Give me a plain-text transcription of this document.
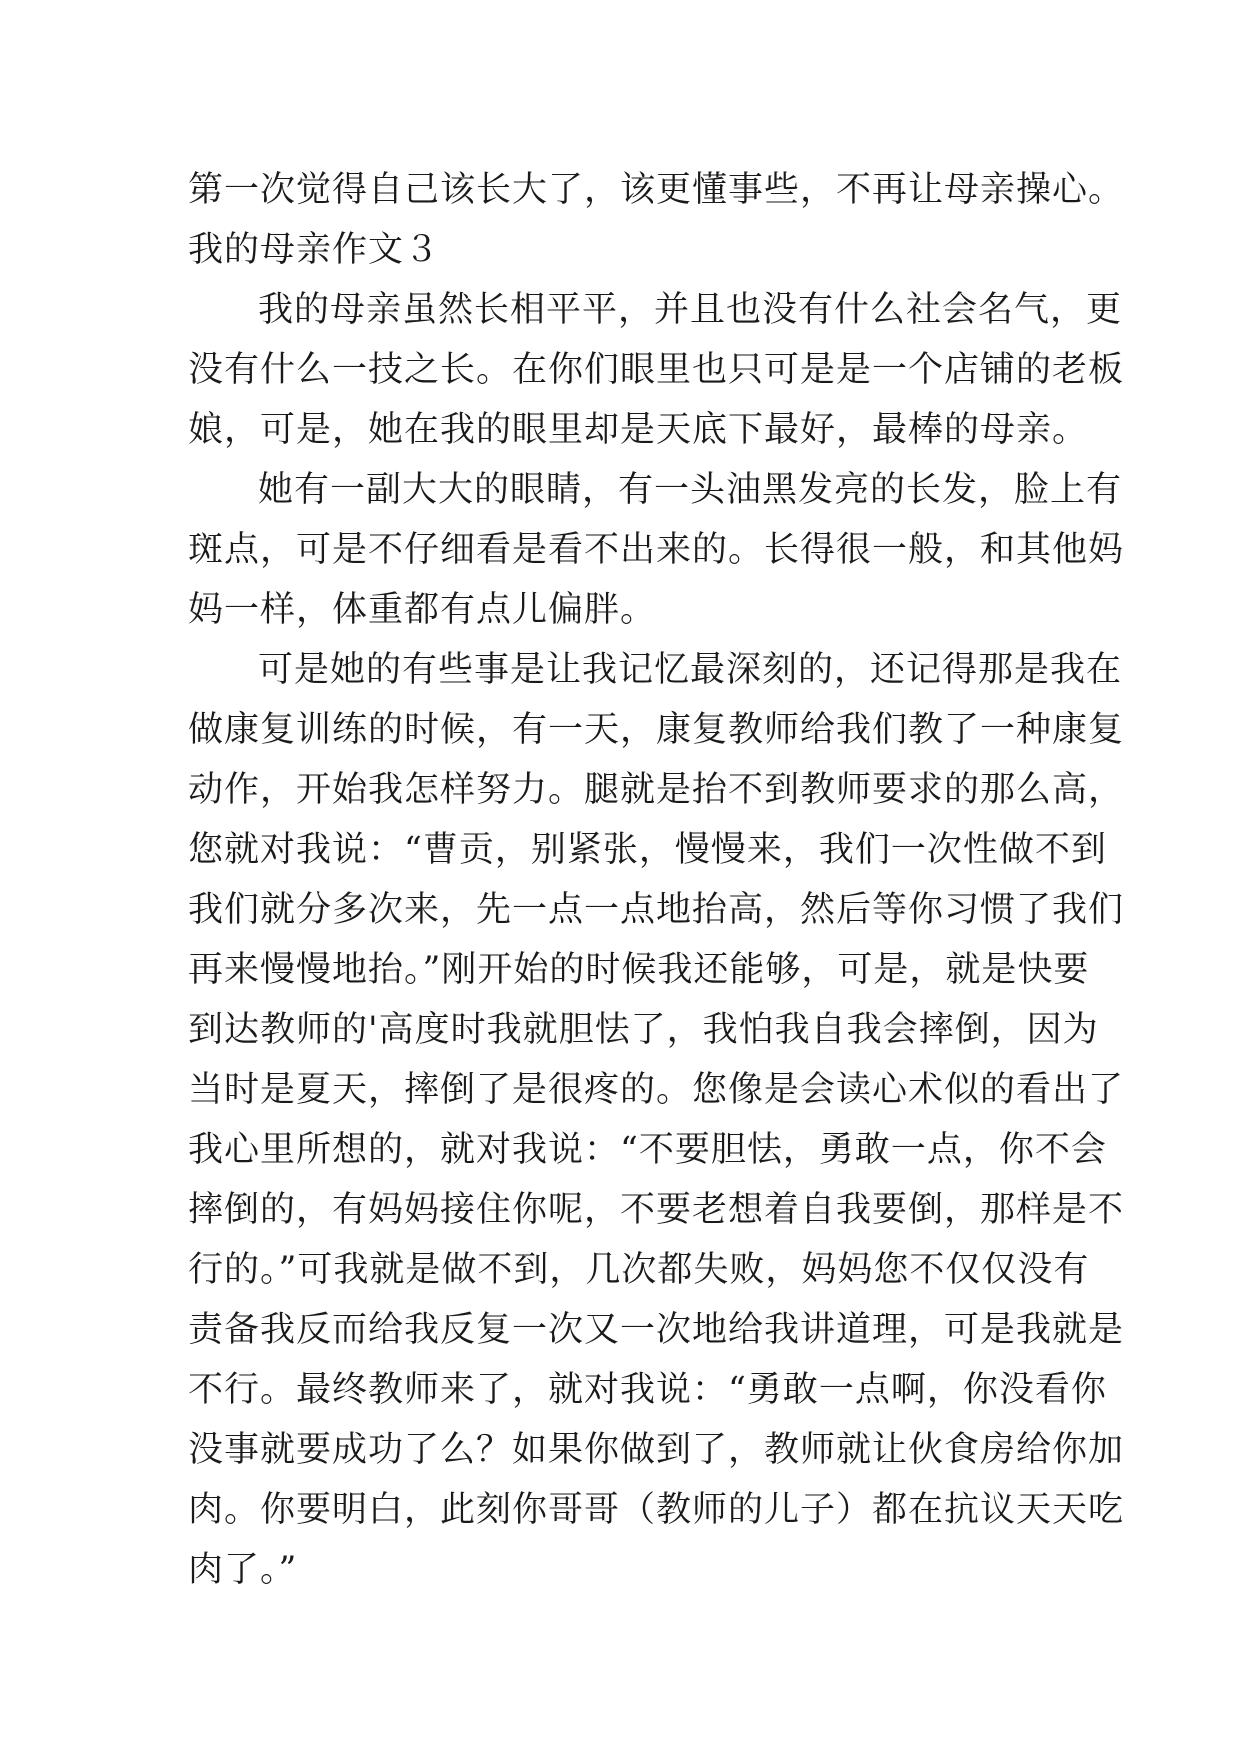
第一次觉得自己该长大了，该更懂事些，不再让母亲操心。
我的母亲作文３
我的母亲虽然长相平平，并且也没有什么社会名气，更
没有什么一技之长。在你们眼里也只可是是一个店铺的老板
娘，可是，她在我的眼里却是天底下最好，最棒的母亲。
她有一副大大的眼睛，有一头油黑发亮的长发，脸上有
斑点，可是不仔细看是看不出来的。长得很一般，和其他妈
妈一样，体重都有点儿偏胖。
可是她的有些事是让我记忆最深刻的，还记得那是我在
做康复训练的时候，有一天，康复教师给我们教了一种康复
动作，开始我怎样努力。腿就是抬不到教师要求的那么高，
您就对我说：“曹贡，别紧张，慢慢来，我们一次性做不到
我们就分多次来，先一点一点地抬高，然后等你习惯了我们
再来慢慢地抬。”刚开始的时候我还能够，可是，就是快要
到达教师的'高度时我就胆怯了，我怕我自我会摔倒，因为
当时是夏天，摔倒了是很疼的。您像是会读心术似的看出了
我心里所想的，就对我说：“不要胆怯，勇敢一点，你不会
摔倒的，有妈妈接住你呢，不要老想着自我要倒，那样是不
行的。”可我就是做不到，几次都失败，妈妈您不仅仅没有
责备我反而给我反复一次又一次地给我讲道理，可是我就是
不行。最终教师来了，就对我说：“勇敢一点啊，你没看你
没事就要成功了么？如果你做到了，教师就让伙食房给你加
肉。你要明白，此刻你哥哥（教师的儿子）都在抗议天天吃
肉了。”
